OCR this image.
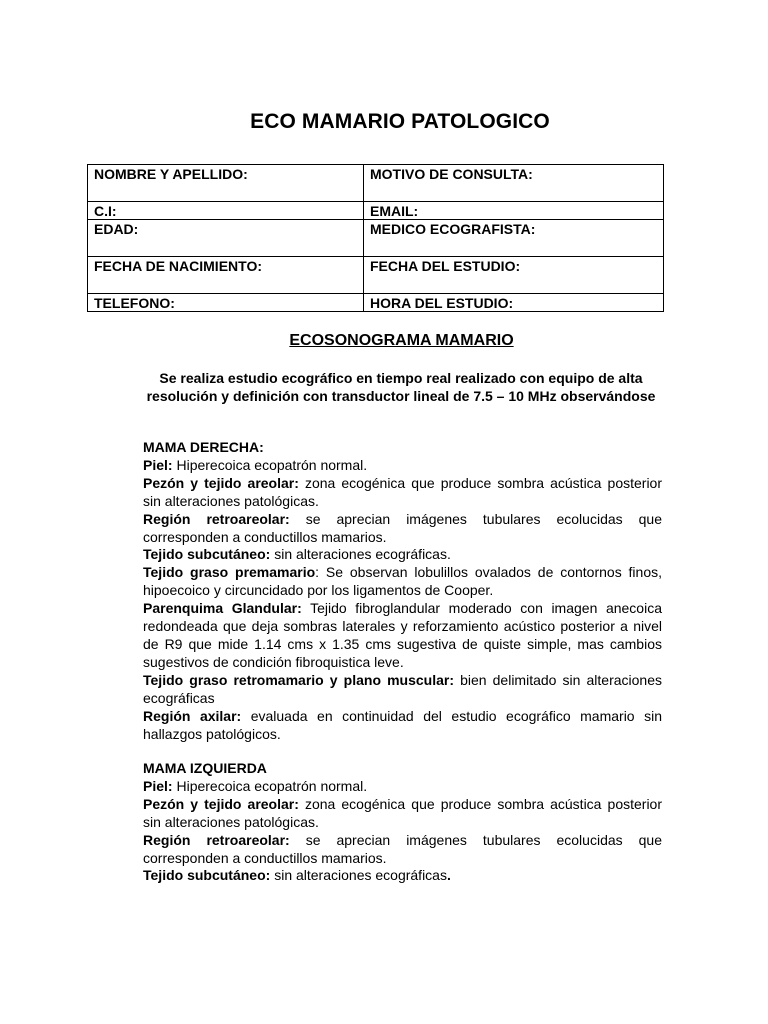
ECO MAMARIO PATOLOGICO
NOMBRE Y APELLIDO:	MOTIVO DE CONSULTA:
C.I:	EMAIL:
EDAD:	MEDICO ECOGRAFISTA:
FECHA DE NACIMIENTO:	FECHA DEL ESTUDIO:
TELEFONO:	HORA DEL ESTUDIO:
ECOSONOGRAMA MAMARIO
Se realiza estudio ecográfico en tiempo real realizado con equipo de alta resolución y definición con transductor lineal de 7.5 – 10 MHz observándose

MAMA DERECHA:

Piel: Hiperecoica ecopatrón normal.

Pezón y tejido areolar: zona ecogénica que produce sombra acústica posterior sin alteraciones patológicas.

Región retroareolar: se aprecian imágenes tubulares ecolucidas que corresponden a conductillos mamarios.

Tejido subcutáneo: sin alteraciones ecográficas.

Tejido graso premamario: Se observan lobulillos ovalados de contornos finos, hipoecoico y circuncidado por los ligamentos de Cooper.

Parenquima Glandular: Tejido fibroglandular moderado con imagen anecoica redondeada que deja sombras laterales y reforzamiento acústico posterior a nivel de R9 que mide 1.14 cms x 1.35 cms sugestiva de quiste simple, mas cambios sugestivos de condición fibroquistica leve.

Tejido graso retromamario y plano muscular: bien delimitado sin alteraciones ecográficas

Región axilar: evaluada en continuidad del estudio ecográfico mamario sin hallazgos patológicos.

MAMA IZQUIERDA

Piel: Hiperecoica ecopatrón normal.

Pezón y tejido areolar: zona ecogénica que produce sombra acústica posterior sin alteraciones patológicas.

Región retroareolar: se aprecian imágenes tubulares ecolucidas que corresponden a conductillos mamarios.

Tejido subcutáneo: sin alteraciones ecográficas.
